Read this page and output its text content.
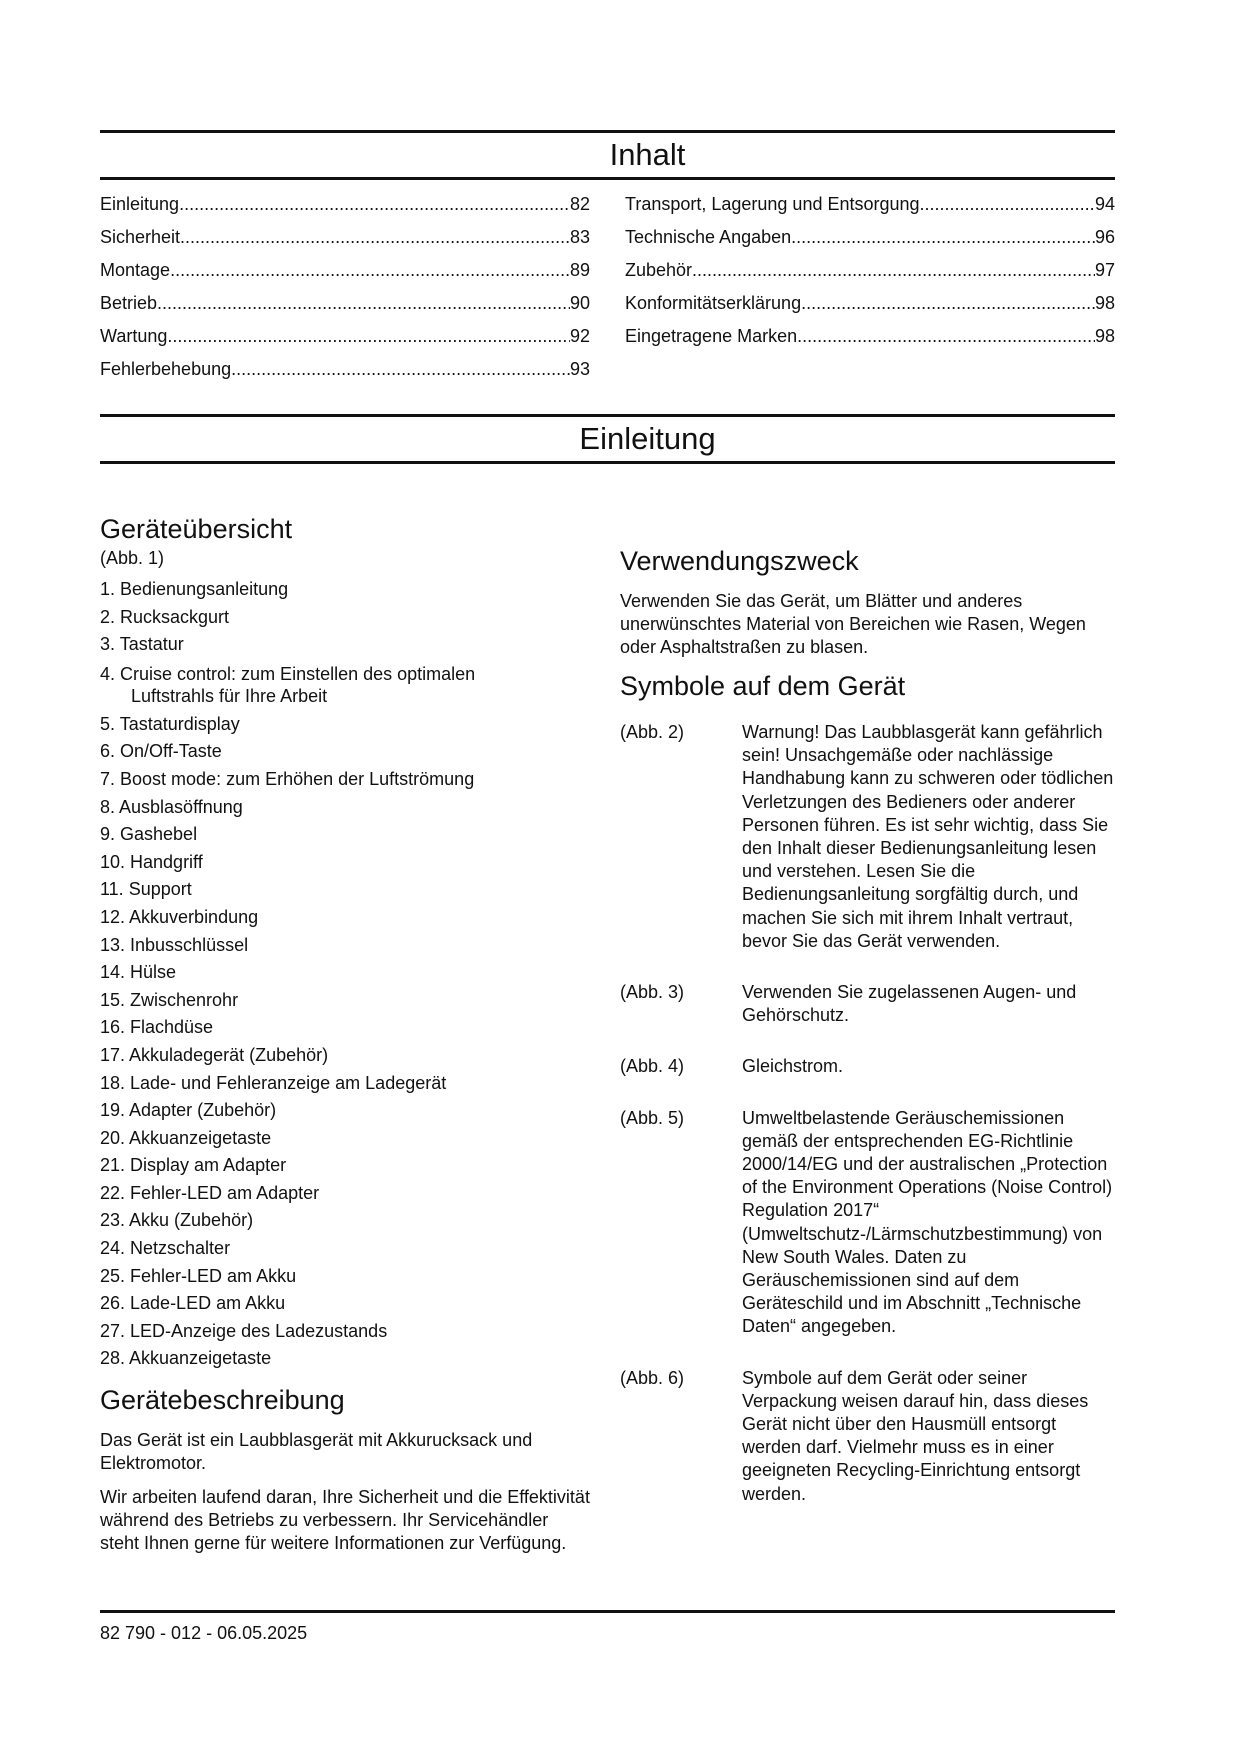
Inhalt
Einleitung .....	82
Sicherheit .....	83
Montage .....	89
Betrieb .....	90
Wartung .....	92
Fehlerbehebung .....	93
Transport, Lagerung und Entsorgung .....	94
Technische Angaben .....	96
Zubehör .....	97
Konformitätserklärung .....	98
Eingetragene Marken .....	98
Einleitung
Geräteübersicht
(Abb. 1)
1. Bedienungsanleitung
2. Rucksackgurt
3. Tastatur
4. Cruise control: zum Einstellen des optimalen
Luftstrahls für Ihre Arbeit
5. Tastaturdisplay
6. On/Off-Taste
7. Boost mode: zum Erhöhen der Luftströmung
8. Ausblasöffnung
9. Gashebel
10. Handgriff
11. Support
12. Akkuverbindung
13. Inbusschlüssel
14. Hülse
15. Zwischenrohr
16. Flachdüse
17. Akkuladegerät (Zubehör)
18. Lade- und Fehleranzeige am Ladegerät
19. Adapter (Zubehör)
20. Akkuanzeigetaste
21. Display am Adapter
22. Fehler-LED am Adapter
23. Akku (Zubehör)
24. Netzschalter
25. Fehler-LED am Akku
26. Lade-LED am Akku
27. LED-Anzeige des Ladezustands
28. Akkuanzeigetaste
Gerätebeschreibung

Das Gerät ist ein Laubblasgerät mit Akkurucksack und Elektromotor.

Wir arbeiten laufend daran, Ihre Sicherheit und die Effektivität während des Betriebs zu verbessern. Ihr Servicehändler steht Ihnen gerne für weitere Informationen zur Verfügung.

Verwendungszweck

Verwenden Sie das Gerät, um Blätter und anderes unerwünschtes Material von Bereichen wie Rasen, Wegen oder Asphaltstraßen zu blasen.

Symbole auf dem Gerät
(Abb. 2)	Warnung! Das Laubblasgerät kann gefährlich sein! Unsachgemäße oder nachlässige Handhabung kann zu schweren oder tödlichen Verletzungen des Bedieners oder anderer Personen führen. Es ist sehr wichtig, dass Sie den Inhalt dieser Bedienungsanleitung lesen und verstehen. Lesen Sie die Bedienungsanleitung sorgfältig durch, und machen Sie sich mit ihrem Inhalt vertraut, bevor Sie das Gerät verwenden.
(Abb. 3)	Verwenden Sie zugelassenen Augen- und Gehörschutz.
(Abb. 4)	Gleichstrom.
(Abb. 5)	Umweltbelastende Geräuschemissionen gemäß der entsprechenden EG-Richtlinie 2000/14/EG und der australischen „Protection of the Environment Operations (Noise Control) Regulation 2017“ (Umweltschutz-/Lärmschutzbestimmung) von New South Wales. Daten zu Geräuschemissionen sind auf dem Geräteschild und im Abschnitt „Technische Daten“ angegeben.
(Abb. 6)	Symbole auf dem Gerät oder seiner Verpackung weisen darauf hin, dass dieses Gerät nicht über den Hausmüll entsorgt werden darf. Vielmehr muss es in einer geeigneten Recycling-Einrichtung entsorgt werden.
82 790 - 012 - 06.05.2025
